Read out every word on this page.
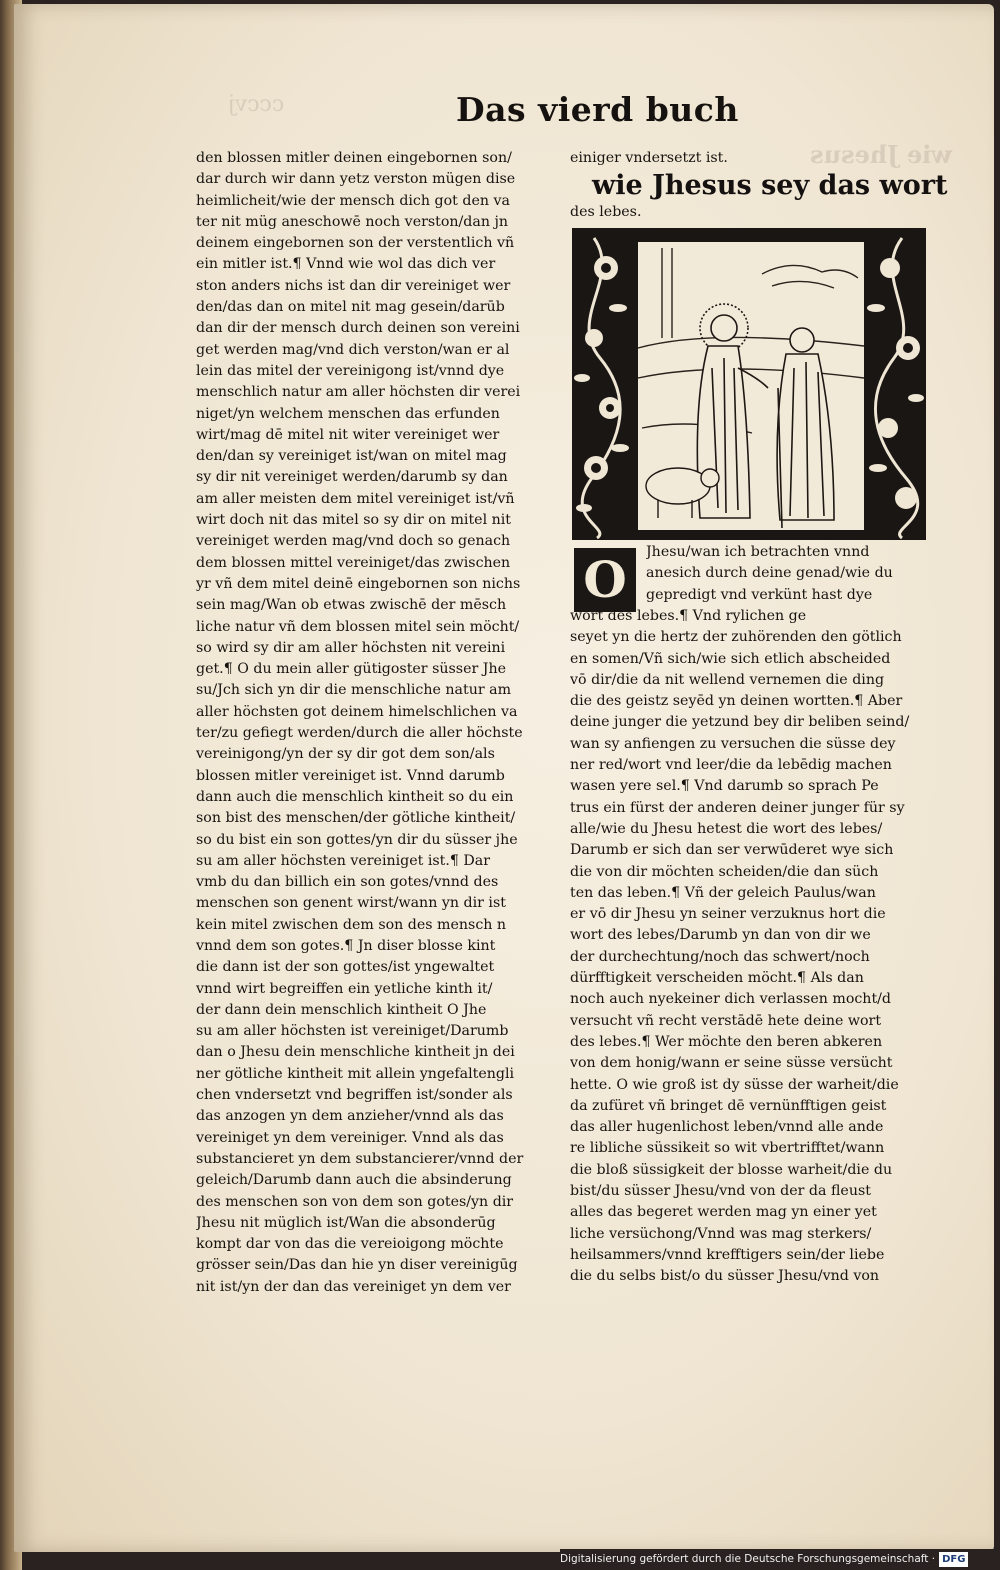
cccvj
wie Jhesus
Das vierd buch
den blossen mitler deinen eingebornen son/
dar durch wir dann yetz verston mügen dise
heimlicheit/wie der mensch dich got den va
ter nit müg aneschowē noch verston/dan jn
deinem eingebornen son der verstentlich vñ
ein mitler ist.¶ Vnnd wie wol das dich ver
ston anders nichs ist dan dir vereiniget wer
den/das dan on mitel nit mag gesein/darūb
dan dir der mensch durch deinen son vereini
get werden mag/vnd dich verston/wan er al
lein das mitel der vereinigong ist/vnnd dye
menschlich natur am aller höchsten dir verei
niget/yn welchem menschen das erfunden
wirt/mag dē mitel nit witer vereiniget wer
den/dan sy vereiniget ist/wan on mitel mag
sy dir nit vereiniget werden/darumb sy dan
am aller meisten dem mitel vereiniget ist/vñ
wirt doch nit das mitel so sy dir on mitel nit
vereiniget werden mag/vnd doch so genach
dem blossen mittel vereiniget/das zwischen
yr vñ dem mitel deinē eingebornen son nichs
sein mag/Wan ob etwas zwischē der mēsch
liche natur vñ dem blossen mitel sein möcht/
so wird sy dir am aller höchsten nit vereini
get.¶ O du mein aller gütigoster süsser Jhe
su/Jch sich yn dir die menschliche natur am
aller höchsten got deinem himelschlichen va
ter/zu gefiegt werden/durch die aller höchste
vereinigong/yn der sy dir got dem son/als
blossen mitler vereiniget ist. Vnnd darumb
dann auch die menschlich kintheit so du ein
son bist des menschen/der götliche kintheit/
so du bist ein son gottes/yn dir du süsser jhe
su am aller höchsten vereiniget ist.¶ Dar
vmb du dan billich ein son gotes/vnnd des
menschen son genent wirst/wann yn dir ist
kein mitel zwischen dem son des mensch n
vnnd dem son gotes.¶ Jn diser blosse kint
die dann ist der son gottes/ist yngewaltet
vnnd wirt begreiffen ein yetliche kinth it/
der dann dein menschlich kintheit O Jhe
su am aller höchsten ist vereiniget/Darumb
dan o Jhesu dein menschliche kintheit jn dei
ner götliche kintheit mit allein yngefaltengli
chen vndersetzt vnd begriffen ist/sonder als
das anzogen yn dem anzieher/vnnd als das
vereiniget yn dem vereiniger. Vnnd als das
substancieret yn dem substancierer/vnnd der
geleich/Darumb dann auch die absinderung
des menschen son von dem son gotes/yn dir
Jhesu nit müglich ist/Wan die absonderūg
kompt dar von das die vereioigong möchte
grösser sein/Das dan hie yn diser vereinigūg
nit ist/yn der dan das vereiniget yn dem ver
einiger vndersetzt ist.
wie Jhesus sey das wort
des lebes.
O	Jhesu/wan ich betrachten vnnd
anesich durch deine genad/wie du
gepredigt vnd verkünt hast dye
wort des lebes.¶ Vnd rylichen ge
seyet yn die hertz der zuhörenden den götlich
en somen/Vñ sich/wie sich etlich abscheided
vō dir/die da nit wellend vernemen die ding
die des geistz seyēd yn deinen wortten.¶ Aber
deine junger die yetzund bey dir beliben seind/
wan sy anfiengen zu versuchen die süsse dey
ner red/wort vnd leer/die da lebēdig machen
wasen yere sel.¶ Vnd darumb so sprach Pe
trus ein fürst der anderen deiner junger für sy
alle/wie du Jhesu hetest die wort des lebes/
Darumb er sich dan ser verwūderet wye sich
die von dir möchten scheiden/die dan süch
ten das leben.¶ Vñ der geleich Paulus/wan
er vō dir Jhesu yn seiner verzuknus hort die
wort des lebes/Darumb yn dan von dir we
der durchechtung/noch das schwert/noch
dürfftigkeit verscheiden möcht.¶ Als dan
noch auch nyekeiner dich verlassen mocht/d
versucht vñ recht verstādē hete deine wort
des lebes.¶ Wer möchte den beren abkeren
von dem honig/wann er seine süsse versücht
hette. O wie groß ist dy süsse der warheit/die
da zufüret vñ bringet dē vernünfftigen geist
das aller hugenlichost leben/vnnd alle ande
re libliche süssikeit so wit vbertrifftet/wann
die bloß süssigkeit der blosse warheit/die du
bist/du süsser Jhesu/vnd von der da fleust
alles das begeret werden mag yn einer yet
liche versüchong/Vnnd was mag sterkers/
heilsammers/vnnd krefftigers sein/der liebe
die du selbs bist/o du süsser Jhesu/vnd von
Digitalisierung gefördert durch die Deutsche Forschungsgemeinschaft · DFG
